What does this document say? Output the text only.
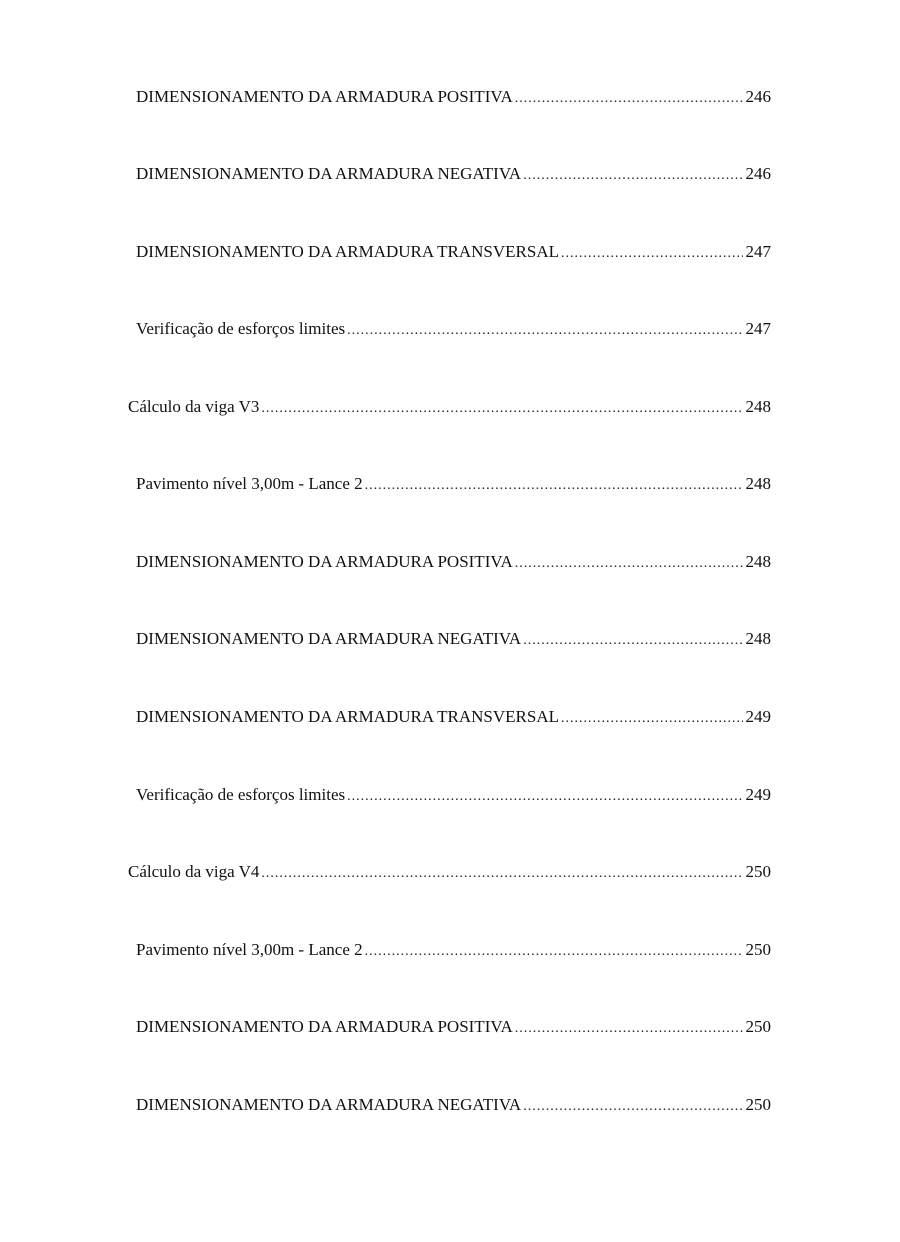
DIMENSIONAMENTO DA ARMADURA POSITIVA .....	246
DIMENSIONAMENTO DA ARMADURA NEGATIVA .....	246
DIMENSIONAMENTO DA ARMADURA TRANSVERSAL .....	247
Verificação de esforços limites .....	247
Cálculo da viga V3 .....	248
Pavimento nível 3,00m - Lance 2 .....	248
DIMENSIONAMENTO DA ARMADURA POSITIVA .....	248
DIMENSIONAMENTO DA ARMADURA NEGATIVA .....	248
DIMENSIONAMENTO DA ARMADURA TRANSVERSAL .....	249
Verificação de esforços limites .....	249
Cálculo da viga V4 .....	250
Pavimento nível 3,00m - Lance 2 .....	250
DIMENSIONAMENTO DA ARMADURA POSITIVA .....	250
DIMENSIONAMENTO DA ARMADURA NEGATIVA .....	250
